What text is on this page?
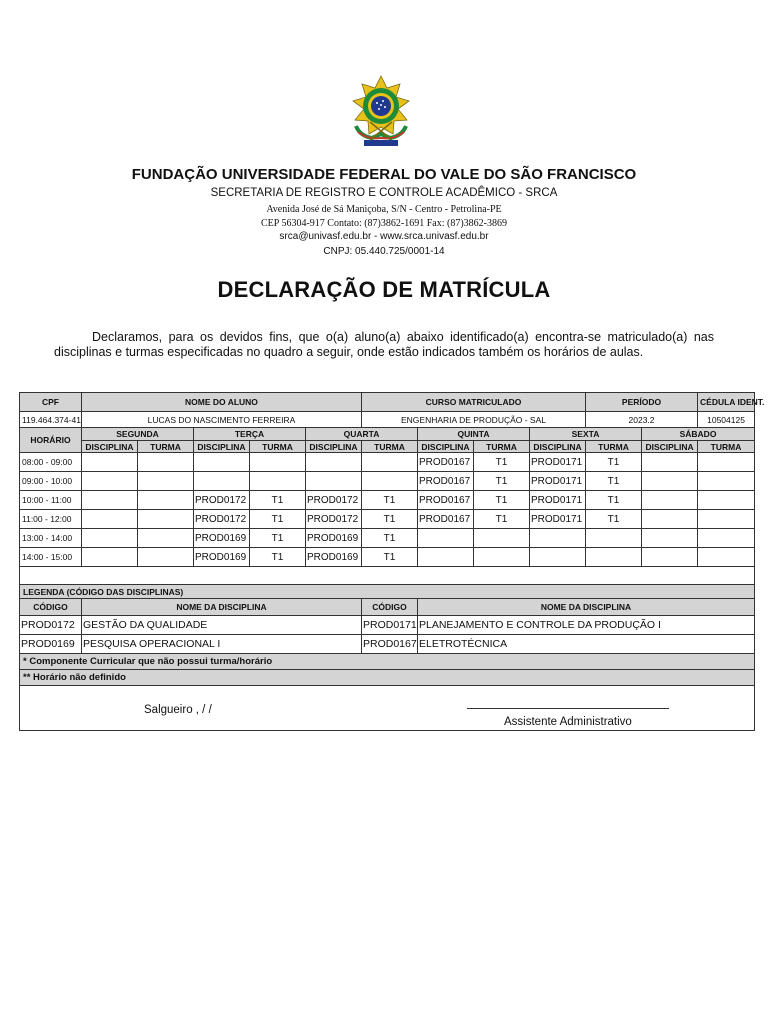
FUNDAÇÃO UNIVERSIDADE FEDERAL DO VALE DO SÃO FRANCISCO
SECRETARIA DE REGISTRO E CONTROLE ACADÊMICO - SRCA
Avenida José de Sá Maniçoba, S/N - Centro - Petrolina-PE
CEP 56304-917 Contato: (87)3862-1691 Fax: (87)3862-3869
srca@univasf.edu.br - www.srca.univasf.edu.br
CNPJ: 05.440.725/0001-14
DECLARAÇÃO DE MATRÍCULA
Declaramos, para os devidos fins, que o(a) aluno(a) abaixo identificado(a) encontra-se matriculado(a) nas disciplinas e turmas especificadas no quadro a seguir, onde estão indicados também os horários de aulas.
CPF	NOME DO ALUNO					CURSO MATRICULADO				PERÍODO		CÉDULA IDENT.
119.464.374-41	LUCAS DO NASCIMENTO FERREIRA					ENGENHARIA DE PRODUÇÃO - SAL				2023.2		10504125
HORÁRIO	SEGUNDA		TERÇA		QUARTA		QUINTA		SEXTA		SÁBADO	
	DISCIPLINA	TURMA	DISCIPLINA	TURMA	DISCIPLINA	TURMA	DISCIPLINA	TURMA	DISCIPLINA	TURMA	DISCIPLINA	TURMA
08:00 - 09:00							PROD0167	T1	PROD0171	T1		
09:00 - 10:00							PROD0167	T1	PROD0171	T1		
10:00 - 11:00			PROD0172	T1	PROD0172	T1	PROD0167	T1	PROD0171	T1		
11:00 - 12:00			PROD0172	T1	PROD0172	T1	PROD0167	T1	PROD0171	T1		
13:00 - 14:00			PROD0169	T1	PROD0169	T1						
14:00 - 15:00			PROD0169	T1	PROD0169	T1						

LEGENDA (CÓDIGO DAS DISCIPLINAS)												
CÓDIGO	NOME DA DISCIPLINA					CÓDIGO	NOME DA DISCIPLINA					
PROD0172	GESTÃO DA QUALIDADE					PROD0171	PLANEJAMENTO E CONTROLE DA PRODUÇÃO I					
PROD0169	PESQUISA OPERACIONAL I					PROD0167	ELETROTÉCNICA					
* Componente Curricular que não possui turma/horário												
** Horário não definido												

Salgueiro , / /
Assistente Administrativo												
